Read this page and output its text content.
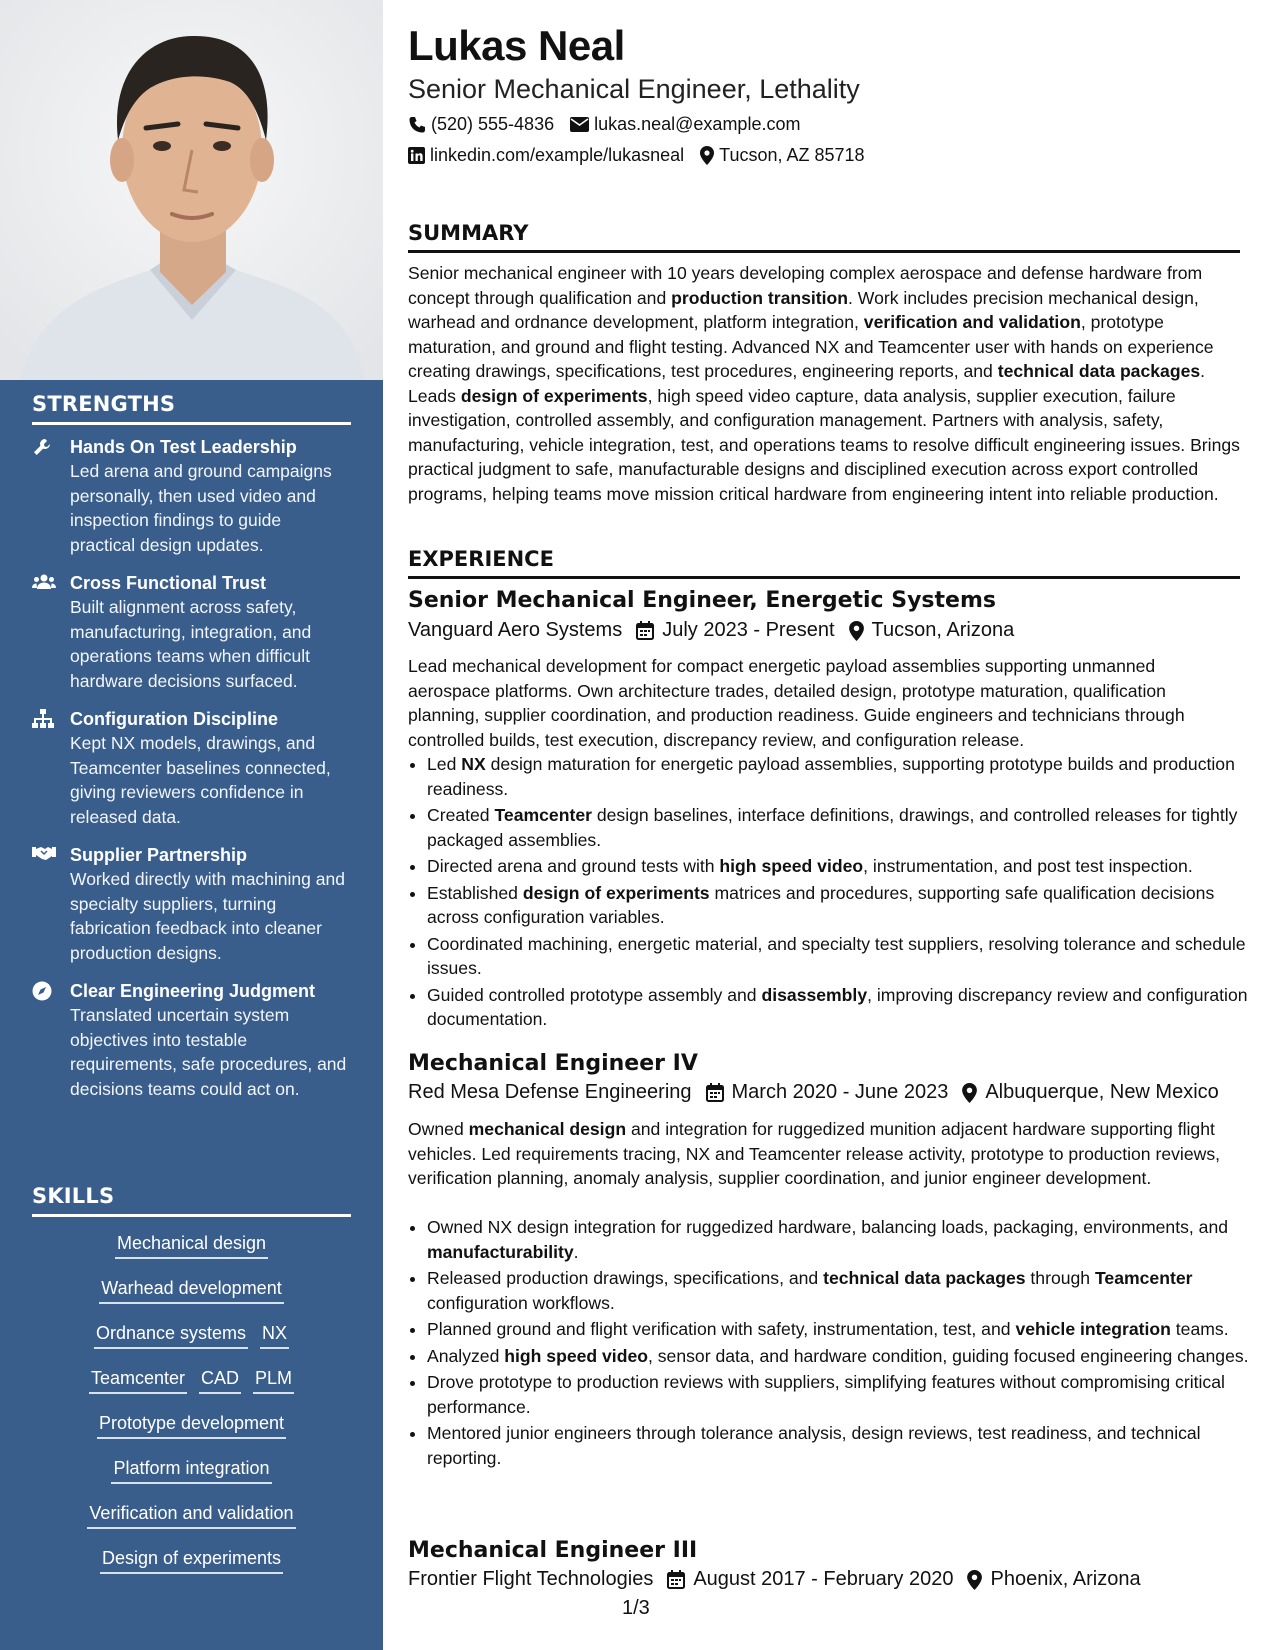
STRENGTHS
Hands On Test Leadership
Led arena and ground campaigns personally, then used video and inspection findings to guide practical design updates.
Cross Functional Trust
Built alignment across safety, manufacturing, integration, and operations teams when difficult hardware decisions surfaced.
Configuration Discipline
Kept NX models, drawings, and Teamcenter baselines connected, giving reviewers confidence in released data.
Supplier Partnership
Worked directly with machining and specialty suppliers, turning fabrication feedback into cleaner production designs.
Clear Engineering Judgment
Translated uncertain system objectives into testable requirements, safe procedures, and decisions teams could act on.
SKILLS
Mechanical design
Warhead development
Ordnance systems NX
Teamcenter CAD PLM
Prototype development
Platform integration
Verification and validation
Design of experiments
Lukas Neal
Senior Mechanical Engineer, Lethality
(520) 555-4836 lukas.neal@example.com
linkedin.com/example/lukasneal Tucson, AZ 85718
SUMMARY
Senior mechanical engineer with 10 years developing complex aerospace and defense hardware from concept through qualification and production transition. Work includes precision mechanical design, warhead and ordnance development, platform integration, verification and validation, prototype maturation, and ground and flight testing. Advanced NX and Teamcenter user with hands on experience creating drawings, specifications, test procedures, engineering reports, and technical data packages. Leads design of experiments, high speed video capture, data analysis, supplier execution, failure investigation, controlled assembly, and configuration management. Partners with analysis, safety, manufacturing, vehicle integration, test, and operations teams to resolve difficult engineering issues. Brings practical judgment to safe, manufacturable designs and disciplined execution across export controlled programs, helping teams move mission critical hardware from engineering intent into reliable production.
EXPERIENCE
Senior Mechanical Engineer, Energetic Systems
Vanguard Aero Systems July 2023 - Present Tucson, Arizona
Lead mechanical development for compact energetic payload assemblies supporting unmanned aerospace platforms. Own architecture trades, detailed design, prototype maturation, qualification planning, supplier coordination, and production readiness. Guide engineers and technicians through controlled builds, test execution, discrepancy review, and configuration release.
• Led NX design maturation for energetic payload assemblies, supporting prototype builds and production readiness.
• Created Teamcenter design baselines, interface definitions, drawings, and controlled releases for tightly packaged assemblies.
• Directed arena and ground tests with high speed video, instrumentation, and post test inspection.
• Established design of experiments matrices and procedures, supporting safe qualification decisions across configuration variables.
• Coordinated machining, energetic material, and specialty test suppliers, resolving tolerance and schedule issues.
• Guided controlled prototype assembly and disassembly, improving discrepancy review and configuration documentation.
Mechanical Engineer IV
Red Mesa Defense Engineering March 2020 - June 2023 Albuquerque, New Mexico
Owned mechanical design and integration for ruggedized munition adjacent hardware supporting flight vehicles. Led requirements tracing, NX and Teamcenter release activity, prototype to production reviews, verification planning, anomaly analysis, supplier coordination, and junior engineer development.
• Owned NX design integration for ruggedized hardware, balancing loads, packaging, environments, and manufacturability.
• Released production drawings, specifications, and technical data packages through Teamcenter configuration workflows.
• Planned ground and flight verification with safety, instrumentation, test, and vehicle integration teams.
• Analyzed high speed video, sensor data, and hardware condition, guiding focused engineering changes.
• Drove prototype to production reviews with suppliers, simplifying features without compromising critical performance.
• Mentored junior engineers through tolerance analysis, design reviews, test readiness, and technical reporting.
Mechanical Engineer III
Frontier Flight Technologies August 2017 - February 2020 Phoenix, Arizona
1/3
